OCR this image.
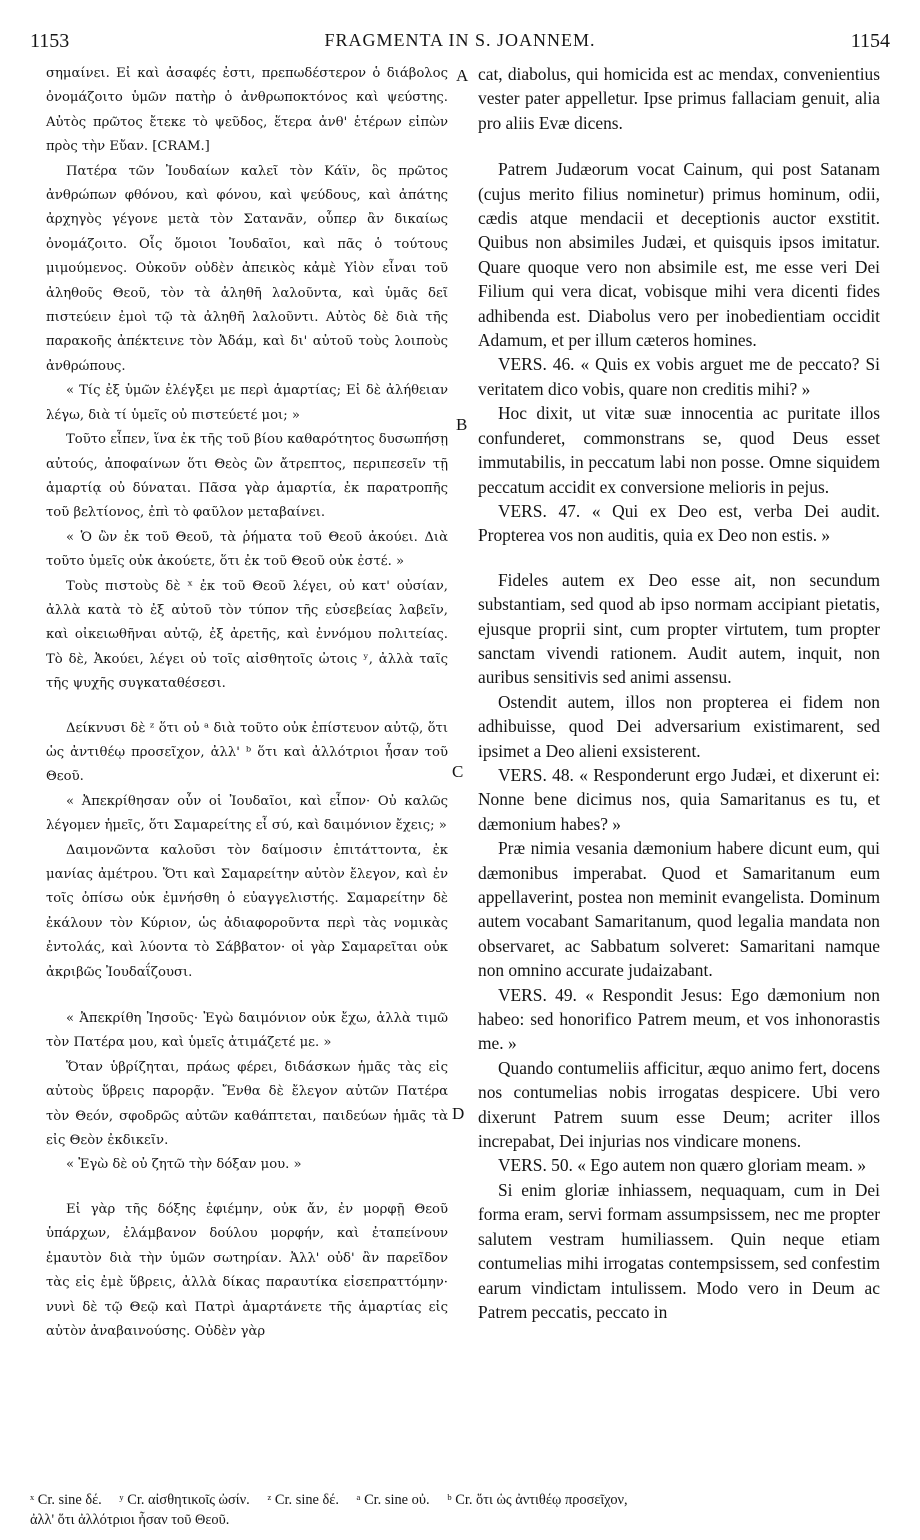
1153	FRAGMENTA IN S. JOANNEM.	1154

σημαίνει. Εἰ καὶ ἀσαφές ἐστι, πρεπωδέστερον ὁ διάβολος ὀνομάζοιτο ὑμῶν πατὴρ ὁ ἀνθρωποκτόνος καὶ ψεύστης. Αὐτὸς πρῶτος ἔτεκε τὸ ψεῦδος, ἕτερα ἀνθ' ἑτέρων εἰπὼν πρὸς τὴν Εὔαν. [CRAM.]

Πατέρα τῶν Ἰουδαίων καλεῖ τὸν Κάϊν, ὃς πρῶτος ἀνθρώπων φθόνου, καὶ φόνου, καὶ ψεύδους, καὶ ἀπάτης ἀρχηγὸς γέγονε μετὰ τὸν Σατανᾶν, οὗπερ ἂν δικαίως ὀνομάζοιτο. Οἷς ὅμοιοι Ἰουδαῖοι, καὶ πᾶς ὁ τούτους μιμούμενος. Οὐκοῦν οὐδὲν ἀπεικὸς κἀμὲ Υἱὸν εἶναι τοῦ ἀληθοῦς Θεοῦ, τὸν τὰ ἀληθῆ λαλοῦντα, καὶ ὑμᾶς δεῖ πιστεύειν ἐμοὶ τῷ τὰ ἀληθῆ λαλοῦντι. Αὐτὸς δὲ διὰ τῆς παρακοῆς ἀπέκτεινε τὸν Ἀδάμ, καὶ δι' αὐτοῦ τοὺς λοιποὺς ἀνθρώπους.

« Τίς ἐξ ὑμῶν ἐλέγξει με περὶ ἁμαρτίας; Εἰ δὲ ἀλήθειαν λέγω, διὰ τί ὑμεῖς οὐ πιστεύετέ μοι; »

Τοῦτο εἶπεν, ἵνα ἐκ τῆς τοῦ βίου καθαρότητος δυσωπήσῃ αὐτούς, ἀποφαίνων ὅτι Θεὸς ὢν ἄτρεπτος, περιπεσεῖν τῇ ἁμαρτίᾳ οὐ δύναται. Πᾶσα γὰρ ἁμαρτία, ἐκ παρατροπῆς τοῦ βελτίονος, ἐπὶ τὸ φαῦλον μεταβαίνει.

« Ὁ ὢν ἐκ τοῦ Θεοῦ, τὰ ῥήματα τοῦ Θεοῦ ἀκούει. Διὰ τοῦτο ὑμεῖς οὐκ ἀκούετε, ὅτι ἐκ τοῦ Θεοῦ οὐκ ἐστέ. »

Τοὺς πιστοὺς δὲ ˣ ἐκ τοῦ Θεοῦ λέγει, οὐ κατ' οὐσίαν, ἀλλὰ κατὰ τὸ ἐξ αὐτοῦ τὸν τύπον τῆς εὐσεβείας λαβεῖν, καὶ οἰκειωθῆναι αὐτῷ, ἐξ ἀρετῆς, καὶ ἐννόμου πολιτείας. Τὸ δὲ, Ἀκούει, λέγει οὐ τοῖς αἰσθητοῖς ὠτοις ʸ, ἀλλὰ ταῖς τῆς ψυχῆς συγκαταθέσεσι.

Δείκνυσι δὲ ᶻ ὅτι οὐ ᵃ διὰ τοῦτο οὐκ ἐπίστευον αὐτῷ, ὅτι ὡς ἀντιθέῳ προσεῖχον, ἀλλ' ᵇ ὅτι καὶ ἀλλότριοι ἦσαν τοῦ Θεοῦ.

« Ἀπεκρίθησαν οὖν οἱ Ἰουδαῖοι, καὶ εἶπον· Οὐ καλῶς λέγομεν ἡμεῖς, ὅτι Σαμαρείτης εἶ σύ, καὶ δαιμόνιον ἔχεις; »

Δαιμονῶντα καλοῦσι τὸν δαίμοσιν ἐπιτάττοντα, ἐκ μανίας ἀμέτρου. Ὅτι καὶ Σαμαρείτην αὐτὸν ἔλεγον, καὶ ἐν τοῖς ὀπίσω οὐκ ἐμνήσθη ὁ εὐαγγελιστής. Σαμαρείτην δὲ ἐκάλουν τὸν Κύριον, ὡς ἀδιαφοροῦντα περὶ τὰς νομικὰς ἐντολάς, καὶ λύοντα τὸ Σάββατον· οἱ γὰρ Σαμαρεῖται οὐκ ἀκριβῶς Ἰουδαΐζουσι.

« Ἀπεκρίθη Ἰησοῦς· Ἐγὼ δαιμόνιον οὐκ ἔχω, ἀλλὰ τιμῶ τὸν Πατέρα μου, καὶ ὑμεῖς ἀτιμάζετέ με. »

Ὅταν ὑβρίζηται, πράως φέρει, διδάσκων ἡμᾶς τὰς εἰς αὐτοὺς ὕβρεις παρορᾷν. Ἔνθα δὲ ἔλεγον αὐτῶν Πατέρα τὸν Θεόν, σφοδρῶς αὐτῶν καθάπτεται, παιδεύων ἡμᾶς τὰ εἰς Θεὸν ἐκδικεῖν.

« Ἐγὼ δὲ οὐ ζητῶ τὴν δόξαν μου. »

Εἰ γὰρ τῆς δόξης ἐφιέμην, οὐκ ἄν, ἐν μορφῇ Θεοῦ ὑπάρχων, ἐλάμβανον δούλου μορφήν, καὶ ἐταπείνουν ἐμαυτὸν διὰ τὴν ὑμῶν σωτηρίαν. Ἀλλ' οὐδ' ἂν παρεῖδον τὰς εἰς ἐμὲ ὕβρεις, ἀλλὰ δίκας παραυτίκα εἰσεπραττόμην· νυνὶ δὲ τῷ Θεῷ καὶ Πατρὶ ἁμαρτάνετε τῆς ἁμαρτίας εἰς αὐτὸν ἀναβαινούσης. Οὐδὲν γὰρ

cat, diabolus, qui homicida est ac mendax, convenientius vester pater appelletur. Ipse primus fallaciam genuit, alia pro aliis Evæ dicens.

Patrem Judæorum vocat Cainum, qui post Satanam (cujus merito filius nominetur) primus hominum, odii, cædis atque mendacii et deceptionis auctor exstitit. Quibus non absimiles Judæi, et quisquis ipsos imitatur. Quare quoque vero non absimile est, me esse veri Dei Filium qui vera dicat, vobisque mihi vera dicenti fides adhibenda est. Diabolus vero per inobedientiam occidit Adamum, et per illum cæteros homines.

VERS. 46. « Quis ex vobis arguet me de peccato? Si veritatem dico vobis, quare non creditis mihi? »

Hoc dixit, ut vitæ suæ innocentia ac puritate illos confunderet, commonstrans se, quod Deus esset immutabilis, in peccatum labi non posse. Omne siquidem peccatum accidit ex conversione melioris in pejus.

VERS. 47. « Qui ex Deo est, verba Dei audit. Propterea vos non auditis, quia ex Deo non estis. »

Fideles autem ex Deo esse ait, non secundum substantiam, sed quod ab ipso normam accipiant pietatis, ejusque proprii sint, cum propter virtutem, tum propter sanctam vivendi rationem. Audit autem, inquit, non auribus sensitivis sed animi assensu.

Ostendit autem, illos non propterea ei fidem non adhibuisse, quod Dei adversarium existimarent, sed ipsimet a Deo alieni exsisterent.

VERS. 48. « Responderunt ergo Judæi, et dixerunt ei: Nonne bene dicimus nos, quia Samaritanus es tu, et dæmonium habes? »

Præ nimia vesania dæmonium habere dicunt eum, qui dæmonibus imperabat. Quod et Samaritanum eum appellaverint, postea non meminit evangelista. Dominum autem vocabant Samaritanum, quod legalia mandata non observaret, ac Sabbatum solveret: Samaritani namque non omnino accurate judaizabant.

VERS. 49. « Respondit Jesus: Ego dæmonium non habeo: sed honorifico Patrem meum, et vos inhonorastis me. »

Quando contumeliis afficitur, æquo animo fert, docens nos contumelias nobis irrogatas despicere. Ubi vero dixerunt Patrem suum esse Deum; acriter illos increpabat, Dei injurias nos vindicare monens.

VERS. 50. « Ego autem non quæro gloriam meam. »

Si enim gloriæ inhiassem, nequaquam, cum in Dei forma eram, servi formam assumpsissem, nec me propter salutem vestram humiliassem. Quin neque etiam contumelias mihi irrogatas contempsissem, sed confestim earum vindictam intulissem. Modo vero in Deum ac Patrem peccatis, peccato in

A
B
C
D
ˣ Cr. sine δέ. ʸ Cr. αἰσθητικοῖς ὠσίν. ᶻ Cr. sine δέ. ᵃ Cr. sine οὐ. ᵇ Cr. ὅτι ὡς ἀντιθέῳ προσεῖχον,
ἀλλ' ὅτι ἀλλότριοι ἦσαν τοῦ Θεοῦ.
